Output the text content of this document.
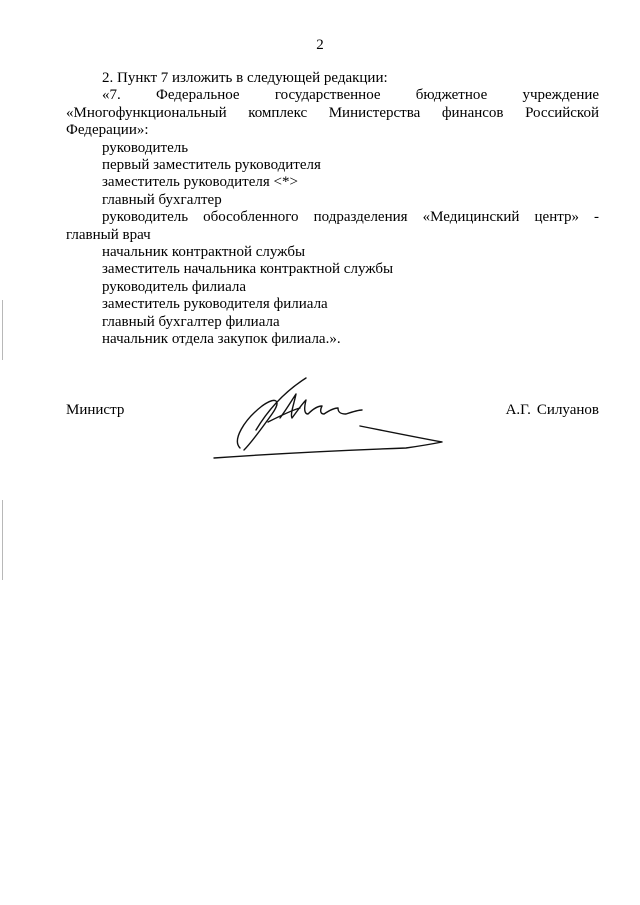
2
2. Пункт 7 изложить в следующей редакции:
«7. Федеральное государственное бюджетное учреждение
«Многофункциональный комплекс Министерства финансов Российской
Федерации»:
руководитель
первый заместитель руководителя
заместитель руководителя <*>
главный бухгалтер
руководитель обособленного подразделения «Медицинский центр» -
главный врач
начальник контрактной службы
заместитель начальника контрактной службы
руководитель филиала
заместитель руководителя филиала
главный бухгалтер филиала
начальник отдела закупок филиала.».
Министр	А.Г. Силуанов
